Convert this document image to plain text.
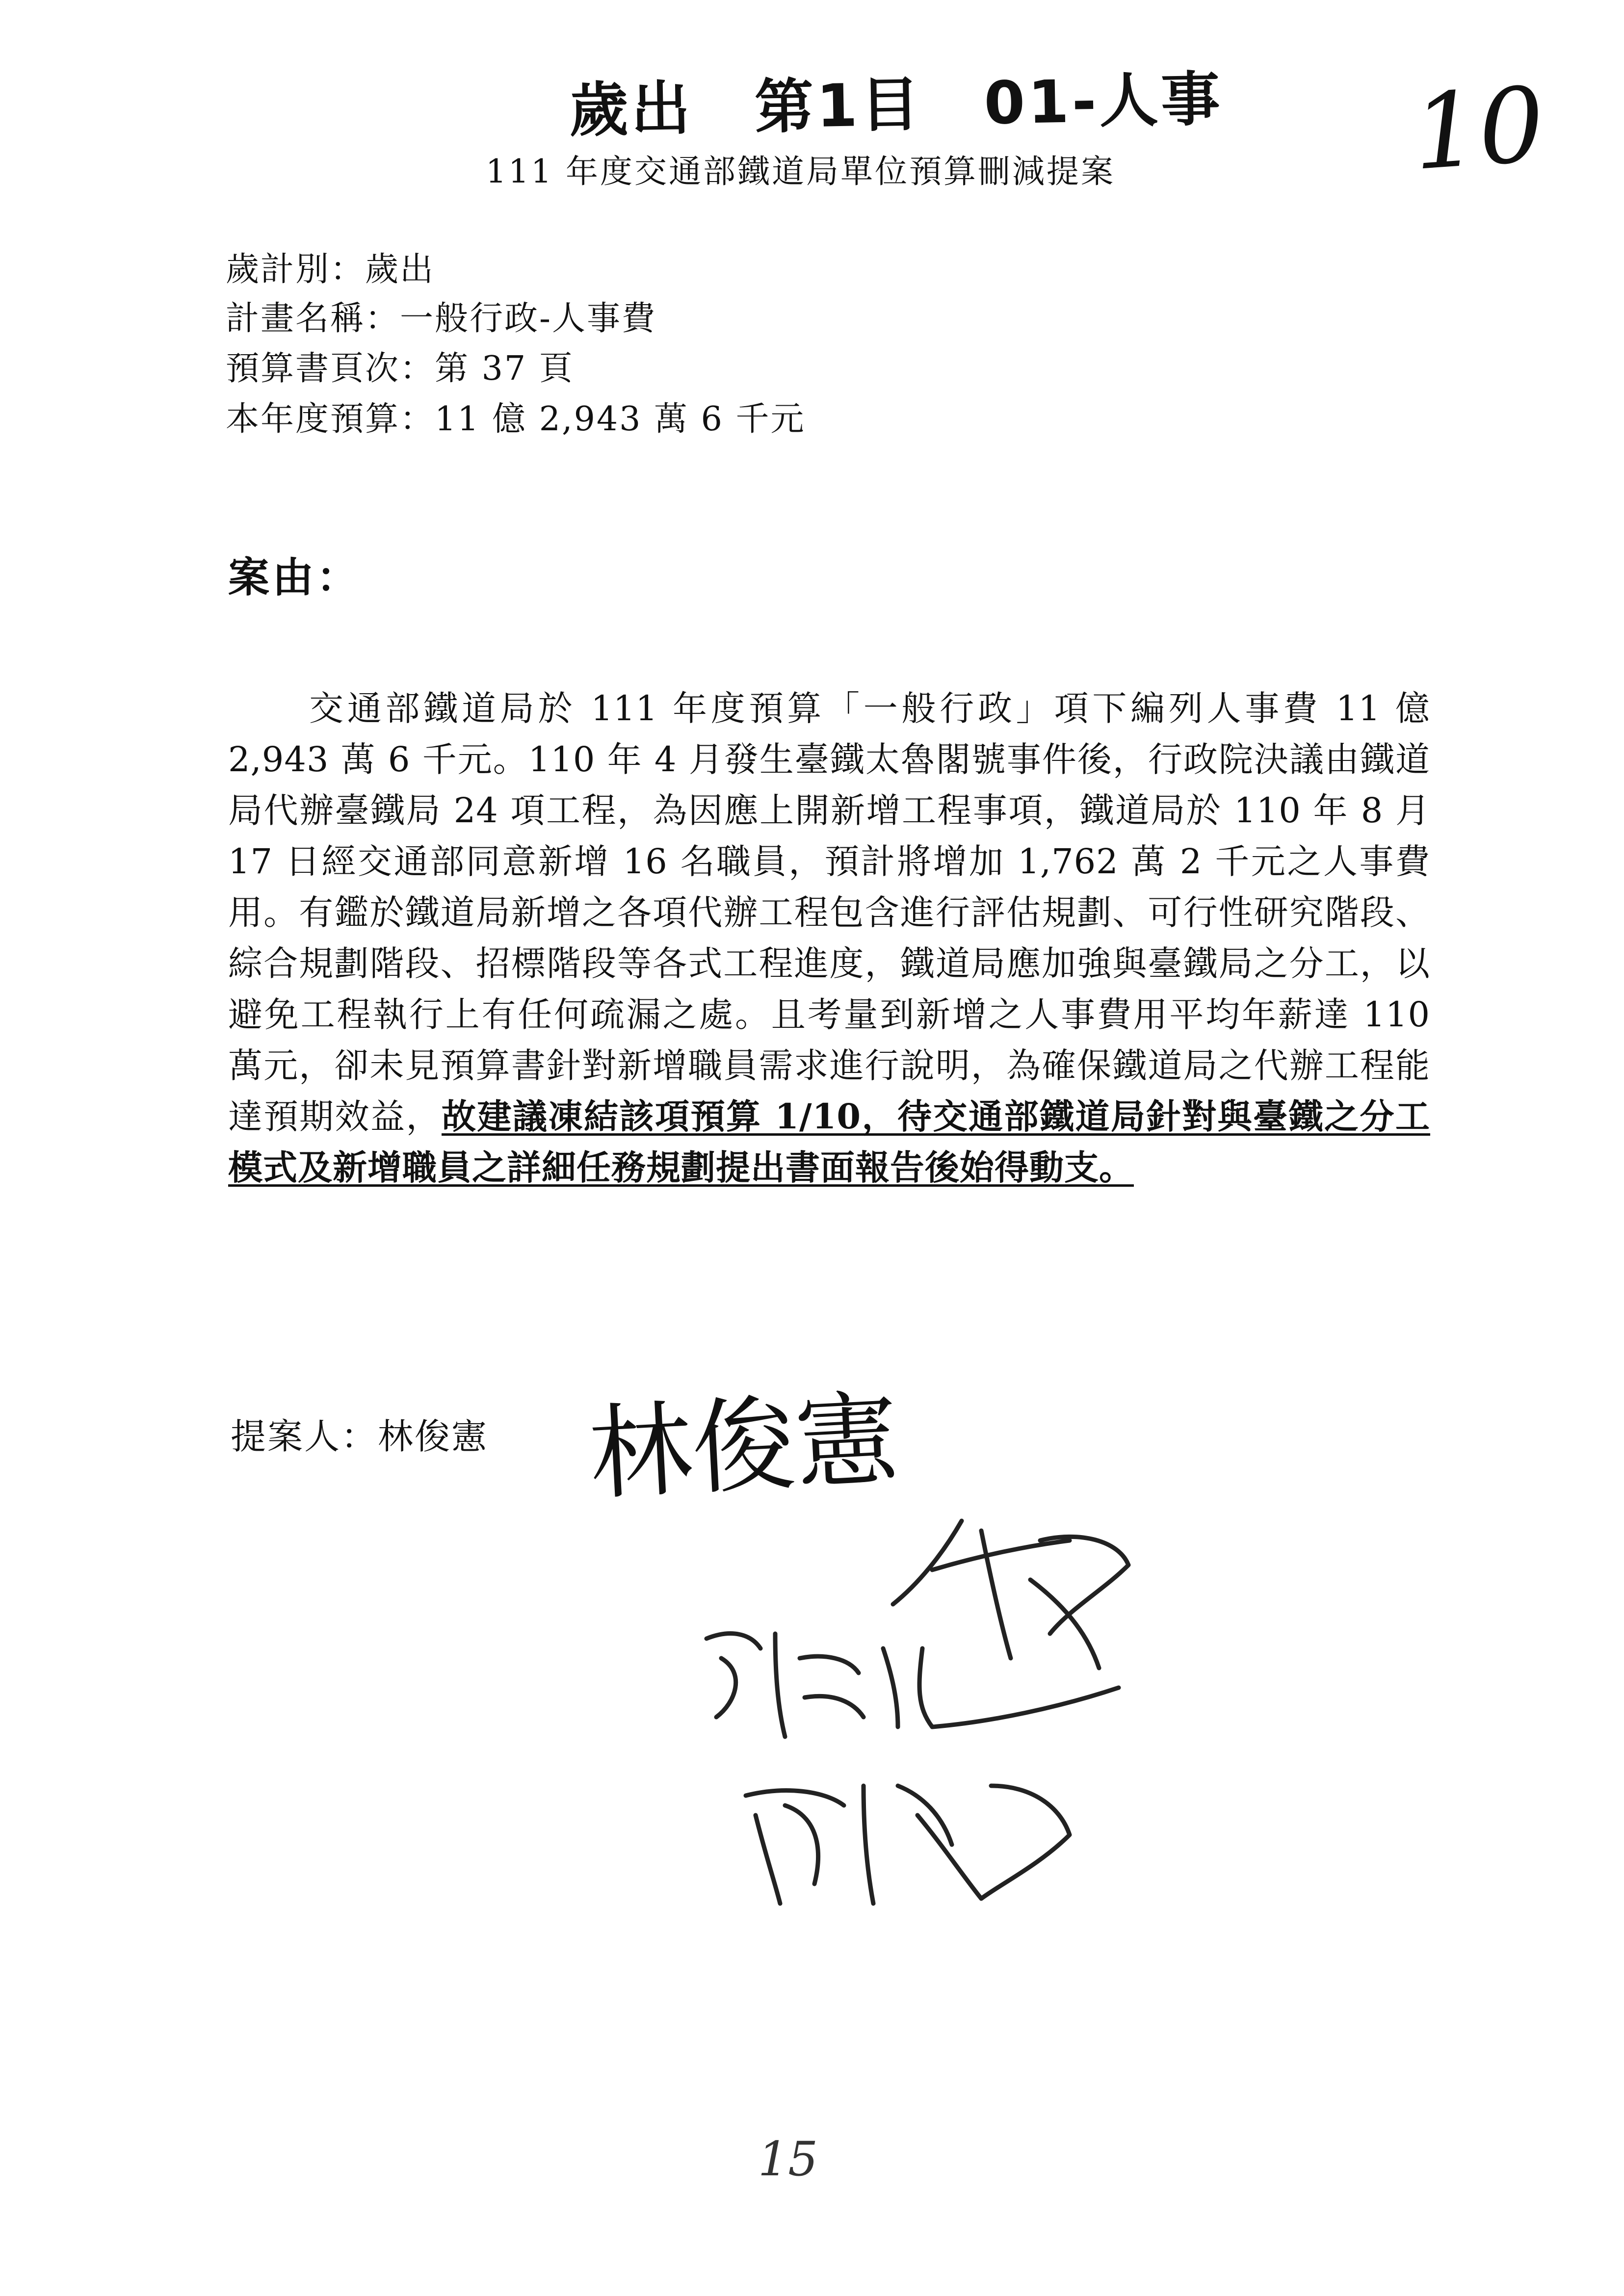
歲出　第1目　01-人事 10
111 年度交通部鐵道局單位預算刪減提案
歲計別：歲出
計畫名稱：一般行政-人事費
預算書頁次：第 37 頁
本年度預算：11 億 2,943 萬 6 千元
案由：
交通部鐵道局於 111 年度預算「一般行政」項下編列人事費 11 億 2,943 萬 6 千元。110 年 4 月發生臺鐵太魯閣號事件後，行政院決議由鐵道局代辦臺鐵局 24 項工程，為因應上開新增工程事項，鐵道局於 110 年 8 月 17 日經交通部同意新增 16 名職員，預計將增加 1,762 萬 2 千元之人事費用。有鑑於鐵道局新增之各項代辦工程包含進行評估規劃、可行性研究階段、綜合規劃階段、招標階段等各式工程進度，鐵道局應加強與臺鐵局之分工，以避免工程執行上有任何疏漏之處。且考量到新增之人事費用平均年薪達 110 萬元，卻未見預算書針對新增職員需求進行說明，為確保鐵道局之代辦工程能達預期效益，故建議凍結該項預算 1/10，待交通部鐵道局針對與臺鐵之分工模式及新增職員之詳細任務規劃提出書面報告後始得動支。
提案人：林俊憲 林俊憲
15
